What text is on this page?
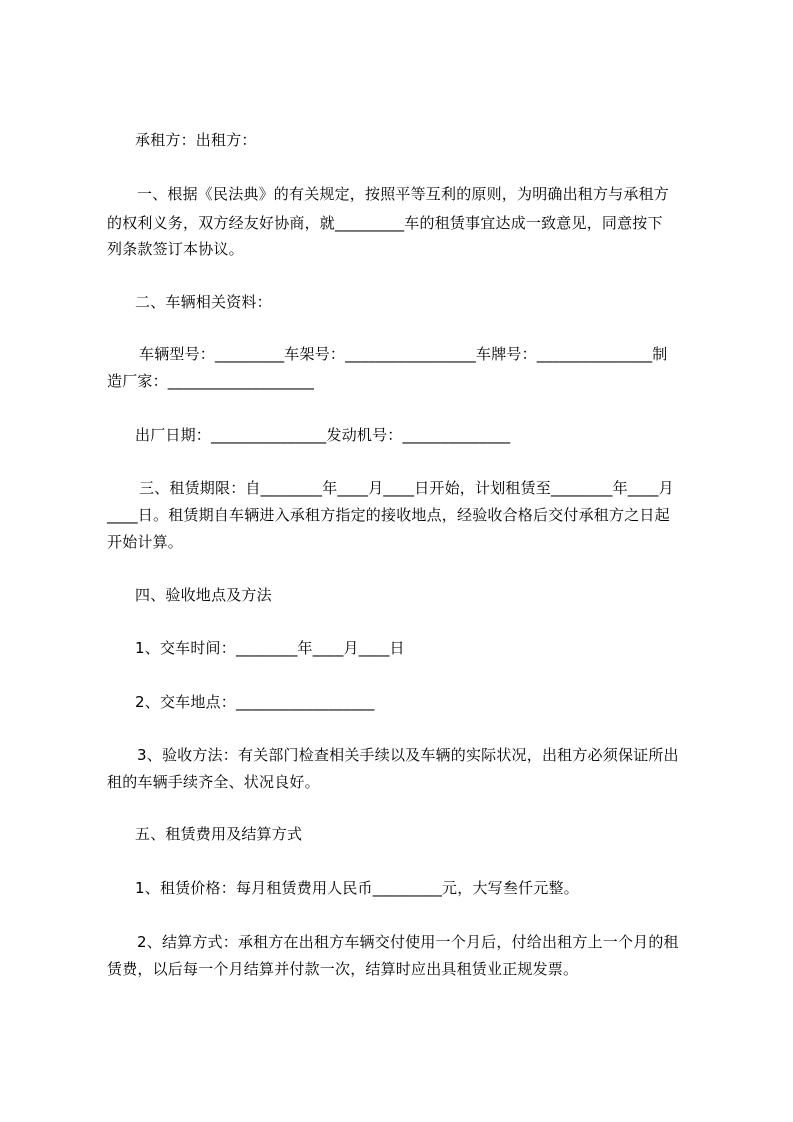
承租方：出租方：
一、根据《民法典》的有关规定，按照平等互利的原则，为明确出租方与承租方
的权利义务，双方经友好协商，就_________车的租赁事宜达成一致意见，同意按下
列条款签订本协议。
二、车辆相关资料：
车辆型号：_________车架号：_________________车牌号：_______________制
造厂家：___________________
出厂日期：_______________发动机号：______________
三、租赁期限：自________年____月____日开始，计划租赁至________年____月
____日。租赁期自车辆进入承租方指定的接收地点，经验收合格后交付承租方之日起
开始计算。
四、验收地点及方法
1、交车时间：________年____月____日
2、交车地点：__________________
3、验收方法：有关部门检查相关手续以及车辆的实际状况，出租方必须保证所出
租的车辆手续齐全、状况良好。
五、租赁费用及结算方式
1、租赁价格：每月租赁费用人民币_________元，大写叁仟元整。
2、结算方式：承租方在出租方车辆交付使用一个月后，付给出租方上一个月的租
赁费，以后每一个月结算并付款一次，结算时应出具租赁业正规发票。
